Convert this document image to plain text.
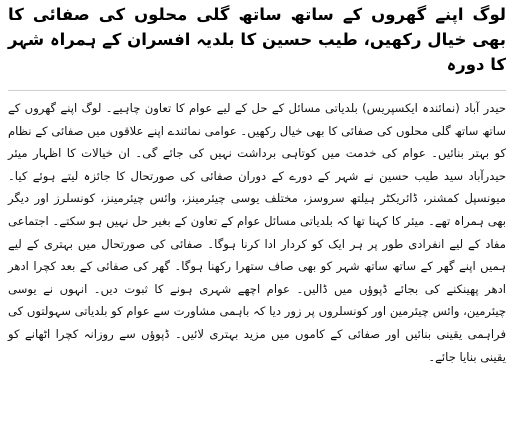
لوگ اپنے گھروں کے ساتھ ساتھ گلی محلوں کی صفائی کا بھی خیال رکھیں، طیب حسین کا بلدیہ افسران کے ہمراہ شہر کا دورہ

حیدر آباد (نمائندہ ایکسپریس) بلدیاتی مسائل کے حل کے لیے عوام کا تعاون چاہیے۔ لوگ اپنے گھروں کے ساتھ ساتھ گلی محلوں کی صفائی کا بھی خیال رکھیں۔ عوامی نمائندے اپنے علاقوں میں صفائی کے نظام کو بہتر بنائیں۔ عوام کی خدمت میں کوتاہی برداشت نہیں کی جائے گی۔ ان خیالات کا اظہار میئر حیدرآباد سید طیب حسین نے شہر کے دورے کے دوران صفائی کی صورتحال کا جائزہ لیتے ہوئے کیا۔ میونسپل کمشنر، ڈائریکٹر ہیلتھ سروسز، مختلف یوسی چیئرمینز، وائس چیئرمینز، کونسلرز اور دیگر بھی ہمراہ تھے۔ میئر کا کہنا تھا کہ بلدیاتی مسائل عوام کے تعاون کے بغیر حل نہیں ہو سکتے۔ اجتماعی مفاد کے لیے انفرادی طور پر ہر ایک کو کردار ادا کرنا ہوگا۔ صفائی کی صورتحال میں بہتری کے لیے ہمیں اپنے گھر کے ساتھ ساتھ شہر کو بھی صاف ستھرا رکھنا ہوگا۔ گھر کی صفائی کے بعد کچرا ادھر ادھر پھینکنے کی بجائے ڈپوؤں میں ڈالیں۔ عوام اچھے شہری ہونے کا ثبوت دیں۔ انہوں نے یوسی چیئرمین، وائس چیئرمین اور کونسلروں پر زور دیا کہ باہمی مشاورت سے عوام کو بلدیاتی سہولتوں کی فراہمی یقینی بنائیں اور صفائی کے کاموں میں مزید بہتری لائیں۔ ڈپوؤں سے روزانہ کچرا اٹھانے کو یقینی بنایا جائے۔
